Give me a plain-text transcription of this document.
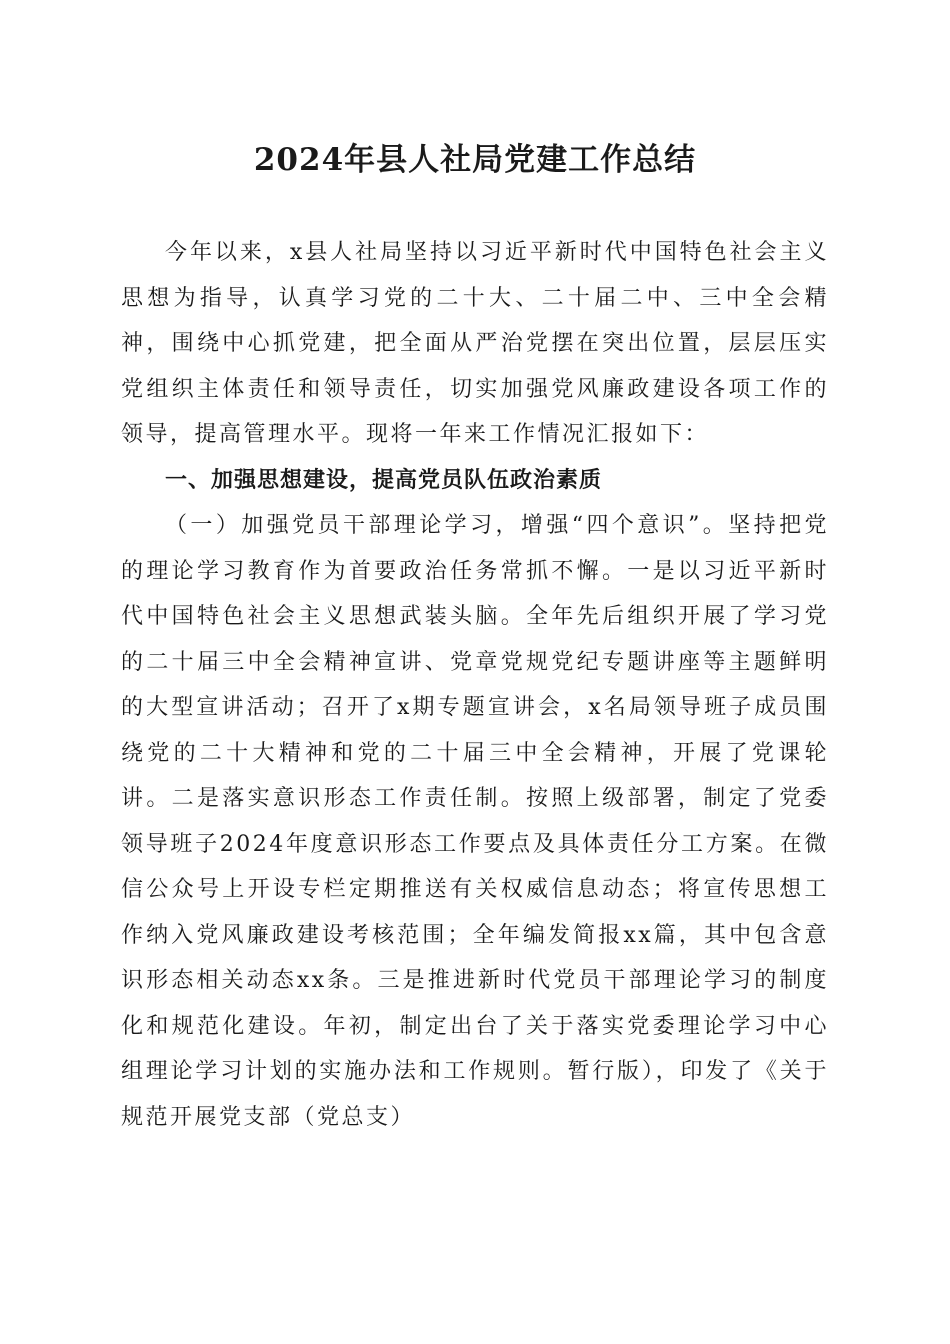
2024年县人社局党建工作总结

今年以来，x县人社局坚持以习近平新时代中国特色社会主义思想为指导，认真学习党的二十大、二十届二中、三中全会精神，围绕中心抓党建，把全面从严治党摆在突出位置，层层压实党组织主体责任和领导责任，切实加强党风廉政建设各项工作的领导，提高管理水平。现将一年来工作情况汇报如下：

一、加强思想建设，提高党员队伍政治素质

（一）加强党员干部理论学习，增强“四个意识”。坚持把党的理论学习教育作为首要政治任务常抓不懈。一是以习近平新时代中国特色社会主义思想武装头脑。全年先后组织开展了学习党的二十届三中全会精神宣讲、党章党规党纪专题讲座等主题鲜明的大型宣讲活动；召开了x期专题宣讲会，x名局领导班子成员围绕党的二十大精神和党的二十届三中全会精神，开展了党课轮讲。二是落实意识形态工作责任制。按照上级部署，制定了党委领导班子2024年度意识形态工作要点及具体责任分工方案。在微信公众号上开设专栏定期推送有关权威信息动态；将宣传思想工作纳入党风廉政建设考核范围；全年编发简报xx篇，其中包含意识形态相关动态xx条。三是推进新时代党员干部理论学习的制度化和规范化建设。年初，制定出台了关于落实党委理论学习中心组理论学习计划的实施办法和工作规则。暂行版），印发了《关于规范开展党支部（党总支）
